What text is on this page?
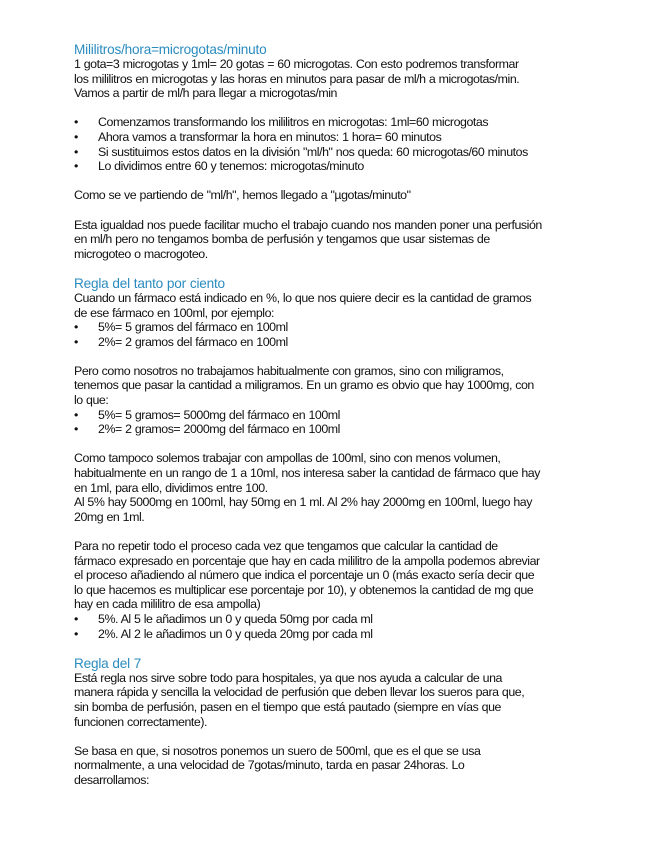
Mililitros/hora=microgotas/minuto

1 gota=3 microgotas y 1ml= 20 gotas = 60 microgotas. Con esto podremos transformar
los mililitros en microgotas y las horas en minutos para pasar de ml/h a microgotas/min.
Vamos a partir de ml/h para llegar a microgotas/min

• Comenzamos transformando los mililitros en microgotas: 1ml=60 microgotas
• Ahora vamos a transformar la hora en minutos: 1 hora= 60 minutos
• Si sustituimos estos datos en la división "ml/h" nos queda: 60 microgotas/60 minutos
• Lo dividimos entre 60 y tenemos: microgotas/minuto

Como se ve partiendo de "ml/h", hemos llegado a "µgotas/minuto"

Esta igualdad nos puede facilitar mucho el trabajo cuando nos manden poner una perfusión
en ml/h pero no tengamos bomba de perfusión y tengamos que usar sistemas de
microgoteo o macrogoteo.

Regla del tanto por ciento

Cuando un fármaco está indicado en %, lo que nos quiere decir es la cantidad de gramos
de ese fármaco en 100ml, por ejemplo:

• 5%= 5 gramos del fármaco en 100ml
• 2%= 2 gramos del fármaco en 100ml

Pero como nosotros no trabajamos habitualmente con gramos, sino con miligramos,
tenemos que pasar la cantidad a miligramos. En un gramo es obvio que hay 1000mg, con
lo que:

• 5%= 5 gramos= 5000mg del fármaco en 100ml
• 2%= 2 gramos= 2000mg del fármaco en 100ml

Como tampoco solemos trabajar con ampollas de 100ml, sino con menos volumen,
habitualmente en un rango de 1 a 10ml, nos interesa saber la cantidad de fármaco que hay
en 1ml, para ello, dividimos entre 100.
Al 5% hay 5000mg en 100ml, hay 50mg en 1 ml. Al 2% hay 2000mg en 100ml, luego hay
20mg en 1ml.

Para no repetir todo el proceso cada vez que tengamos que calcular la cantidad de
fármaco expresado en porcentaje que hay en cada mililitro de la ampolla podemos abreviar
el proceso añadiendo al número que indica el porcentaje un 0 (más exacto sería decir que
lo que hacemos es multiplicar ese porcentaje por 10), y obtenemos la cantidad de mg que
hay en cada mililitro de esa ampolla)

• 5%. Al 5 le añadimos un 0 y queda 50mg por cada ml
• 2%. Al 2 le añadimos un 0 y queda 20mg por cada ml
Regla del 7

Está regla nos sirve sobre todo para hospitales, ya que nos ayuda a calcular de una
manera rápida y sencilla la velocidad de perfusión que deben llevar los sueros para que,
sin bomba de perfusión, pasen en el tiempo que está pautado (siempre en vías que
funcionen correctamente).

Se basa en que, si nosotros ponemos un suero de 500ml, que es el que se usa
normalmente, a una velocidad de 7gotas/minuto, tarda en pasar 24horas. Lo
desarrollamos:
